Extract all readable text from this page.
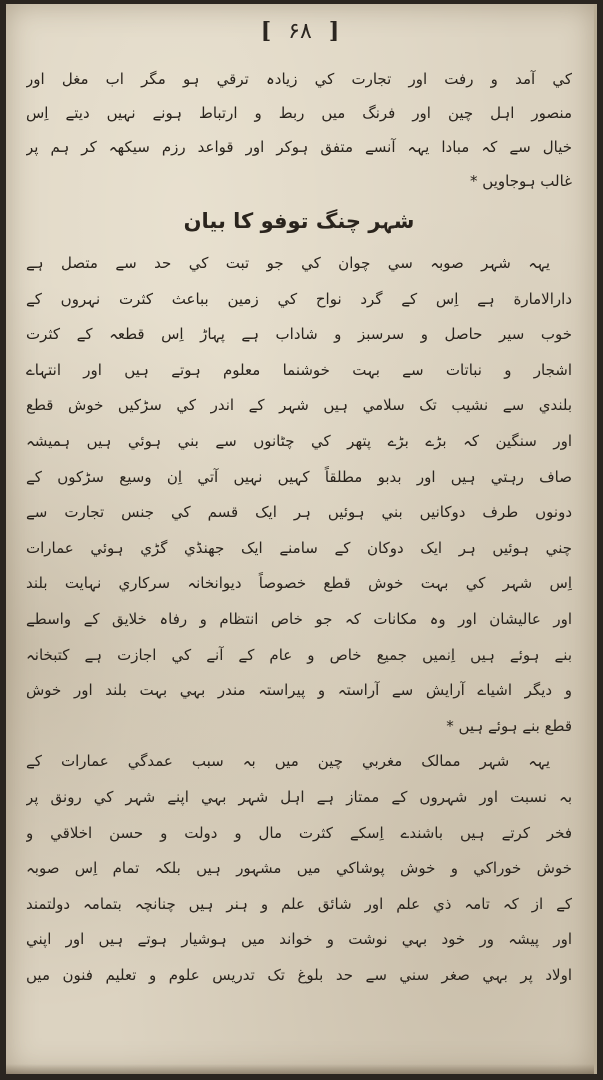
[ ۶۸ ]
کي آمد و رفت اور تجارت کي زيادہ ترقي ہو مگر اب مغل اور
منصور اہل چين اور فرنگ ميں ربط و ارتباط ہونے نہيں ديتے اِس
خيال سے کہ مبادا يہہ آنسے متفق ہوکر اور قواعد رزم سيکھہ کر ہم پر
غالب ہوجاويں *
شہر چنگ توفو کا بيان
يہہ شہر صوبہ سي چوان کي جو تبت کي حد سے متصل ہے
دارالامارة ہے اِس کے گرد نواح کي زمين بباعث کثرت نہروں کے
خوب سير حاصل و سرسبز و شاداب ہے پہاڑ اِس قطعہ کے کثرت
اشجار و نباتات سے بہت خوشنما معلوم ہوتے ہيں اور انتہاے
بلندي سے نشيب تک سلامي ہيں شہر کے اندر کي سڑکيں خوش قطع
اور سنگين کہ بڑے بڑے پتھر کي چٹانوں سے بني ہوئي ہيں ہميشہ
صاف رہتي ہيں اور بدبو مطلقاً کہيں نہيں آتي اِن وسيع سڑکوں کے
دونوں طرف دوکانيں بني ہوئيں ہر ايک قسم کي جنس تجارت سے
چني ہوئيں ہر ايک دوکان کے سامنے ايک جھنڈي گڑي ہوئي عمارات
اِس شہر کي بہت خوش قطع خصوصاً ديوانخانہ سرکاري نہايت بلند
اور عاليشان اور وہ مکانات کہ جو خاص انتظام و رفاہ خلايق کے واسطے
بنے ہوئے ہيں اِنميں جميع خاص و عام کے آنے کي اجازت ہے کتبخانہ
و ديگر اشياے آرايش سے آراستہ و پيراستہ مندر بہي بہت بلند اور خوش
قطع بنے ہوئے ہيں *
يہہ شہر ممالک مغربي چين ميں بہ سبب عمدگي عمارات کے
بہ نسبت اور شہروں کے ممتاز ہے اہل شہر بہي اپنے شہر کي رونق پر
فخر کرتے ہيں باشندے اِسکے کثرت مال و دولت و حسن اخلاقي و
خوش خوراکي و خوش پوشاکي ميں مشہور ہيں بلکہ تمام اِس صوبہ
کے از کہ تامہ ذي علم اور شائق علم و ہنر ہيں چنانچہ بتمامہ دولتمند
اور پيشہ ور خود بہي نوشت و خواند ميں ہوشيار ہوتے ہيں اور اپني
اولاد پر بہي صغر سني سے حد بلوغ تک تدريس علوم و تعليم فنون ميں
